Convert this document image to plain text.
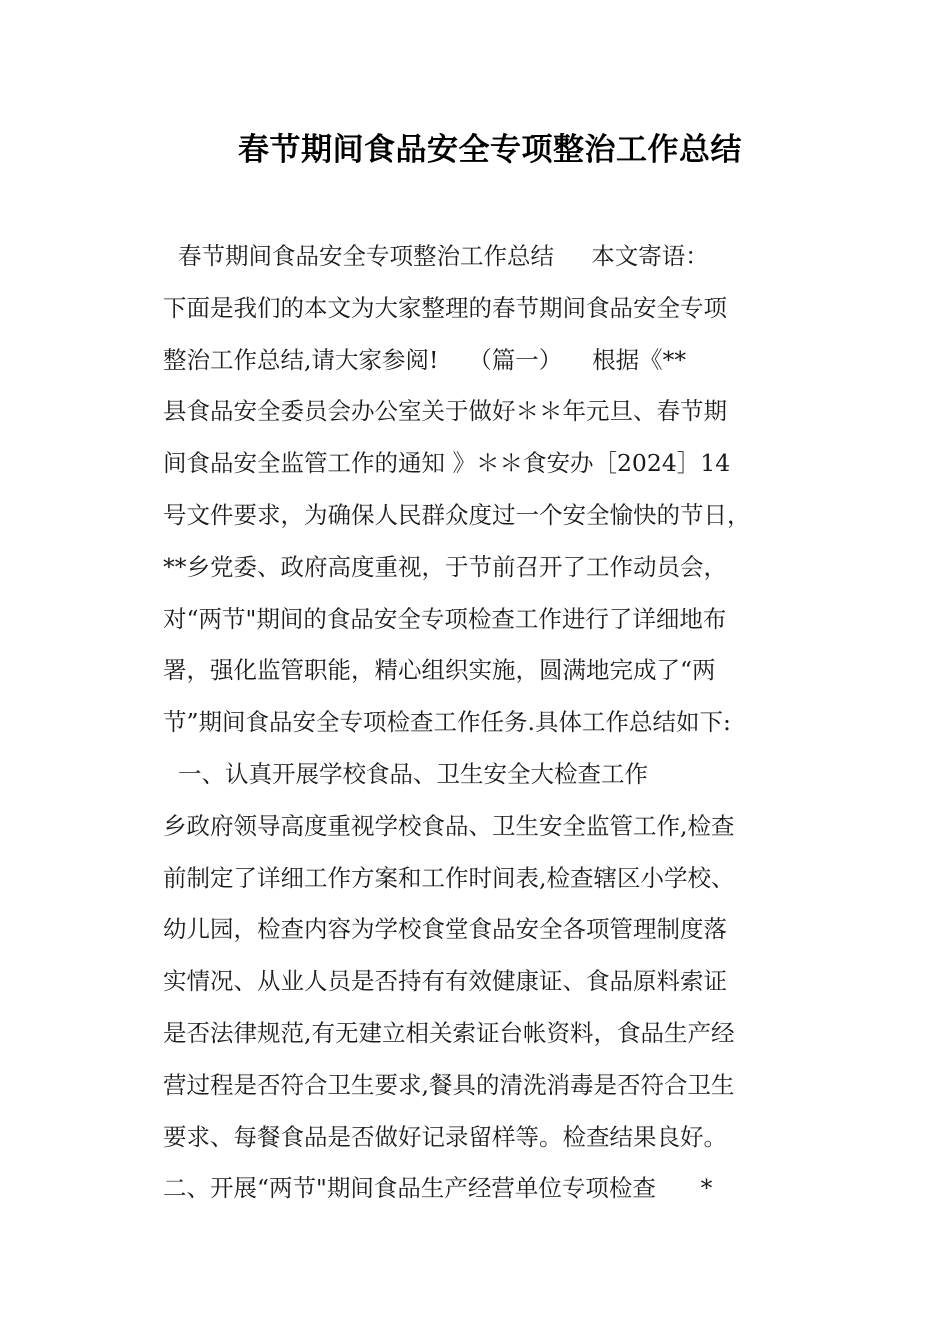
春节期间食品安全专项整治工作总结
春节期间食品安全专项整治工作总结     本文寄语：
下面是我们的本文为大家整理的春节期间食品安全专项
整治工作总结,请大家参阅!    （篇一）    根据《**
县食品安全委员会办公室关于做好＊＊年元旦、春节期
间食品安全监管工作的通知 》＊＊食安办［2024］14
号文件要求，为确保人民群众度过一个安全愉快的节日，
**乡党委、政府高度重视，于节前召开了工作动员会，
对“两节"期间的食品安全专项检查工作进行了详细地布
署，强化监管职能，精心组织实施，圆满地完成了“两
节”期间食品安全专项检查工作任务.具体工作总结如下:
一、认真开展学校食品、卫生安全大检查工作
乡政府领导高度重视学校食品、卫生安全监管工作,检查
前制定了详细工作方案和工作时间表,检查辖区小学校、
幼儿园，检查内容为学校食堂食品安全各项管理制度落
实情况、从业人员是否持有有效健康证、食品原料索证
是否法律规范,有无建立相关索证台帐资料，食品生产经
营过程是否符合卫生要求,餐具的清洗消毒是否符合卫生
要求、每餐食品是否做好记录留样等。检查结果良好。
二、开展“两节"期间食品生产经营单位专项检查      *
